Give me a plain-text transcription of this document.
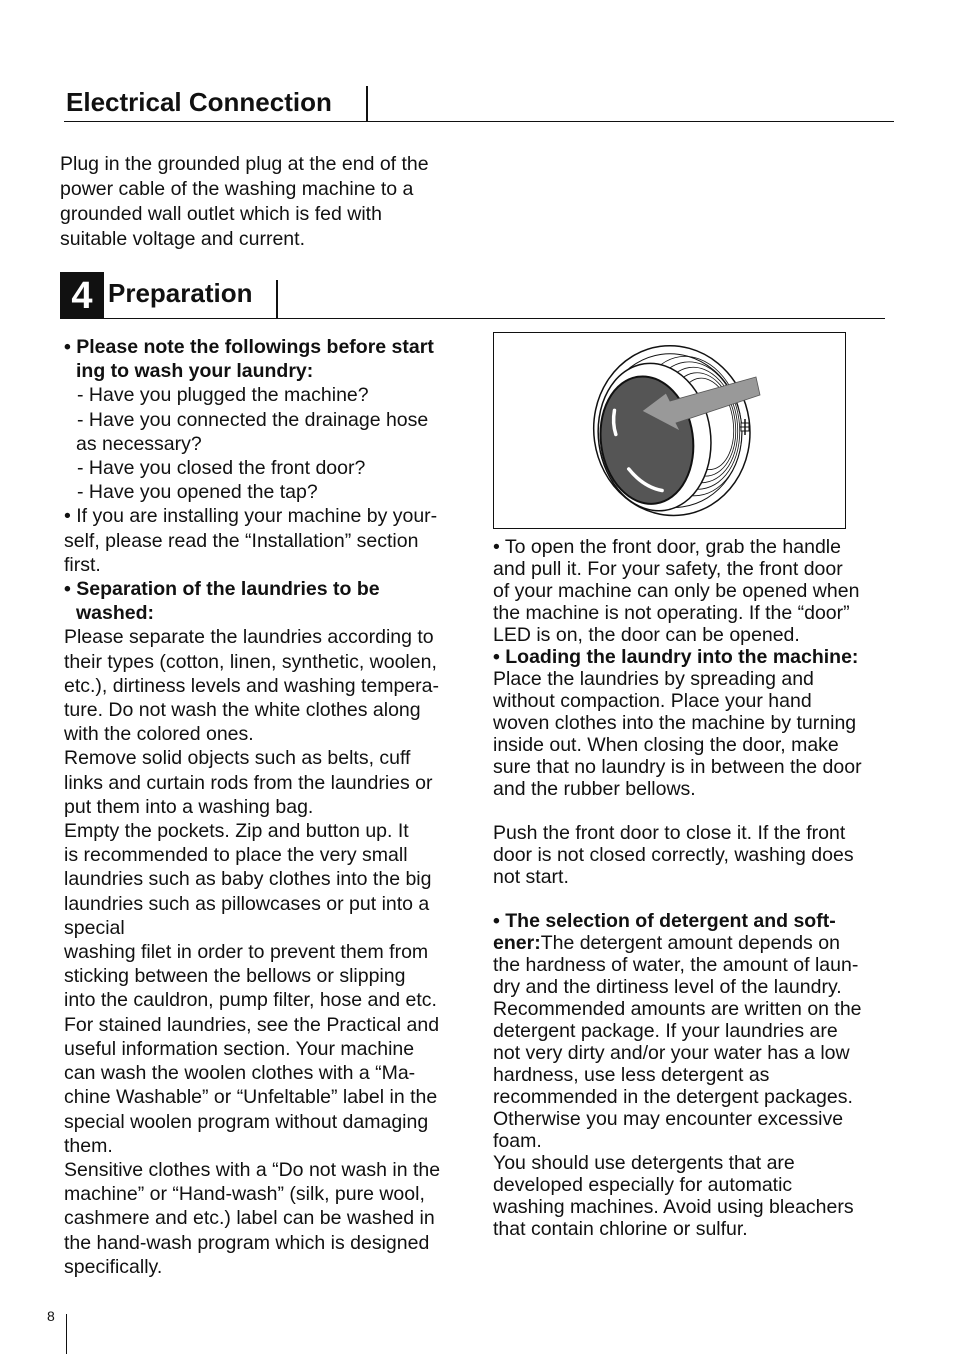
Electrical Connection
Plug in the grounded plug at the end of the
power cable of the washing machine to a
grounded wall outlet which is fed with
suitable voltage and current.
4 Preparation

• Please note the followings before start

ing to wash your laundry:

- Have you plugged the machine?

- Have you connected the drainage hose

as necessary?

- Have you closed the front door?

- Have you opened the tap?

• If you are installing your machine by your-

self, please read the “Installation” section

first.

• Separation of the laundries to be

washed:

Please separate the laundries according to

their types (cotton, linen, synthetic, woolen,

etc.), dirtiness levels and washing tempera-

ture. Do not wash the white clothes along

with the colored ones.

Remove solid objects such as belts, cuff

links and curtain rods from the laundries or

put them into a washing bag.

Empty the pockets. Zip and button up. It

is recommended to place the very small

laundries such as baby clothes into the big

laundries such as pillowcases or put into a

special

washing filet in order to prevent them from

sticking between the bellows or slipping

into the cauldron, pump filter, hose and etc.

For stained laundries, see the Practical and

useful information section. Your machine

can wash the woolen clothes with a “Ma-

chine Washable” or “Unfeltable” label in the

special woolen program without damaging

them.

Sensitive clothes with a “Do not wash in the

machine” or “Hand-wash” (silk, pure wool,

cashmere and etc.) label can be washed in

the hand-wash program which is designed

specifically.

• To open the front door, grab the handle

and pull it. For your safety, the front door

of your machine can only be opened when

the machine is not operating. If the “door”

LED is on, the door can be opened.

• Loading the laundry into the machine:

Place the laundries by spreading and

without compaction. Place your hand

woven clothes into the machine by turning

inside out. When closing the door, make

sure that no laundry is in between the door

and the rubber bellows.

Push the front door to close it. If the front

door is not closed correctly, washing does

not start.

• The selection of detergent and soft-

ener:The detergent amount depends on

the hardness of water, the amount of laun-

dry and the dirtiness level of the laundry.

Recommended amounts are written on the

detergent package. If your laundries are

not very dirty and/or your water has a low

hardness, use less detergent as

recommended in the detergent packages.

Otherwise you may encounter excessive

foam.

You should use detergents that are

developed especially for automatic

washing machines. Avoid using bleachers

that contain chlorine or sulfur.

8
